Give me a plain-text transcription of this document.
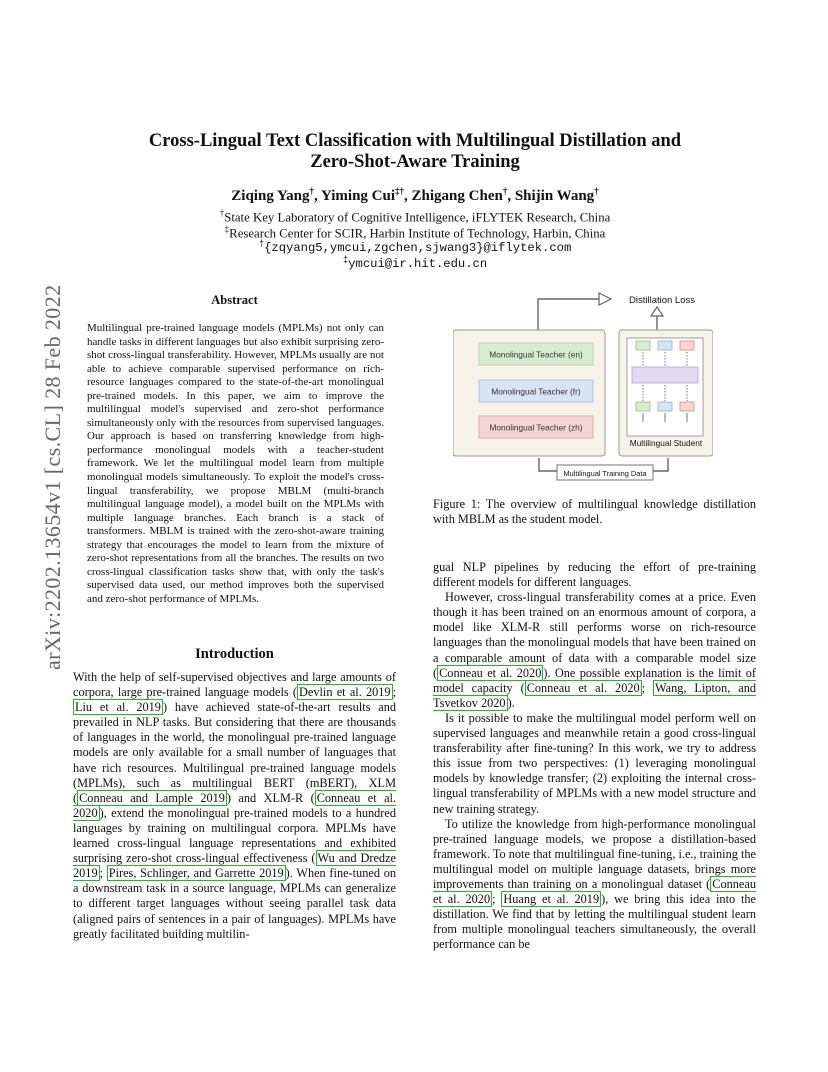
arXiv:2202.13654v1 [cs.CL] 28 Feb 2022
Cross-Lingual Text Classification with Multilingual Distillation and
Zero-Shot-Aware Training
Ziqing Yang†, Yiming Cui‡†, Zhigang Chen†, Shijin Wang†
†State Key Laboratory of Cognitive Intelligence, iFLYTEK Research, China
‡Research Center for SCIR, Harbin Institute of Technology, Harbin, China
†{zqyang5,ymcui,zgchen,sjwang3}@iflytek.com
‡ymcui@ir.hit.edu.cn
Abstract
Multilingual pre-trained language models (MPLMs) not only can handle tasks in different languages but also exhibit surprising zero-shot cross-lingual transferability. However, MPLMs usually are not able to achieve comparable supervised performance on rich-resource languages compared to the state-of-the-art monolingual pre-trained models. In this paper, we aim to improve the multilingual model's supervised and zero-shot performance simultaneously only with the resources from supervised languages. Our approach is based on transferring knowledge from high-performance monolingual models with a teacher-student framework. We let the multilingual model learn from multiple monolingual models simultaneously. To exploit the model's cross-lingual transferability, we propose MBLM (multi-branch multilingual language model), a model built on the MPLMs with multiple language branches. Each branch is a stack of transformers. MBLM is trained with the zero-shot-aware training strategy that encourages the model to learn from the mixture of zero-shot representations from all the branches. The results on two cross-lingual classification tasks show that, with only the task's supervised data used, our method improves both the supervised and zero-shot performance of MPLMs.
Introduction

With the help of self-supervised objectives and large amounts of corpora, large pre-trained language models ( Devlin et al. 2019 ; Liu et al. 2019 ) have achieved state-of-the-art results and prevailed in NLP tasks. But considering that there are thousands of languages in the world, the monolingual pre-trained language models are only available for a small number of languages that have rich resources. Multilingual pre-trained language models (MPLMs), such as multilingual BERT (mBERT), XLM ( Conneau and Lample 2019 ) and XLM-R ( Conneau et al. 2020 ), extend the monolingual pre-trained models to a hundred languages by training on multilingual corpora. MPLMs have learned cross-lingual language representations and exhibited surprising zero-shot cross-lingual effectiveness ( Wu and Dredze 2019 ; Pires, Schlinger, and Garrette 2019 ). When fine-tuned on a downstream task in a source language, MPLMs can generalize to different target languages without seeing parallel task data (aligned pairs of sentences in a pair of languages). MPLMs have greatly facilitated building multilin-

Distillation Loss
Monolingual Teacher (en)
Monolingual Teacher (fr)
Monolingual Teacher (zh)
Multilingual Student
Multilingual Training Data
Figure 1: The overview of multilingual knowledge distillation with MBLM as the student model.

gual NLP pipelines by reducing the effort of pre-training different models for different languages.

However, cross-lingual transferability comes at a price. Even though it has been trained on an enormous amount of corpora, a model like XLM-R still performs worse on rich-resource languages than the monolingual models that have been trained on a comparable amount of data with a comparable model size ( Conneau et al. 2020 ). One possible explanation is the limit of model capacity ( Conneau et al. 2020 ; Wang, Lipton, and Tsvetkov 2020 ).

Is it possible to make the multilingual model perform well on supervised languages and meanwhile retain a good cross-lingual transferability after fine-tuning? In this work, we try to address this issue from two perspectives: (1) leveraging monolingual models by knowledge transfer; (2) exploiting the internal cross-lingual transferability of MPLMs with a new model structure and new training strategy.

To utilize the knowledge from high-performance monolingual pre-trained language models, we propose a distillation-based framework. To note that multilingual fine-tuning, i.e., training the multilingual model on multiple language datasets, brings more improvements than training on a monolingual dataset ( Conneau et al. 2020 ; Huang et al. 2019 ), we bring this idea into the distillation. We find that by letting the multilingual student learn from multiple monolingual teachers simultaneously, the overall performance can be
